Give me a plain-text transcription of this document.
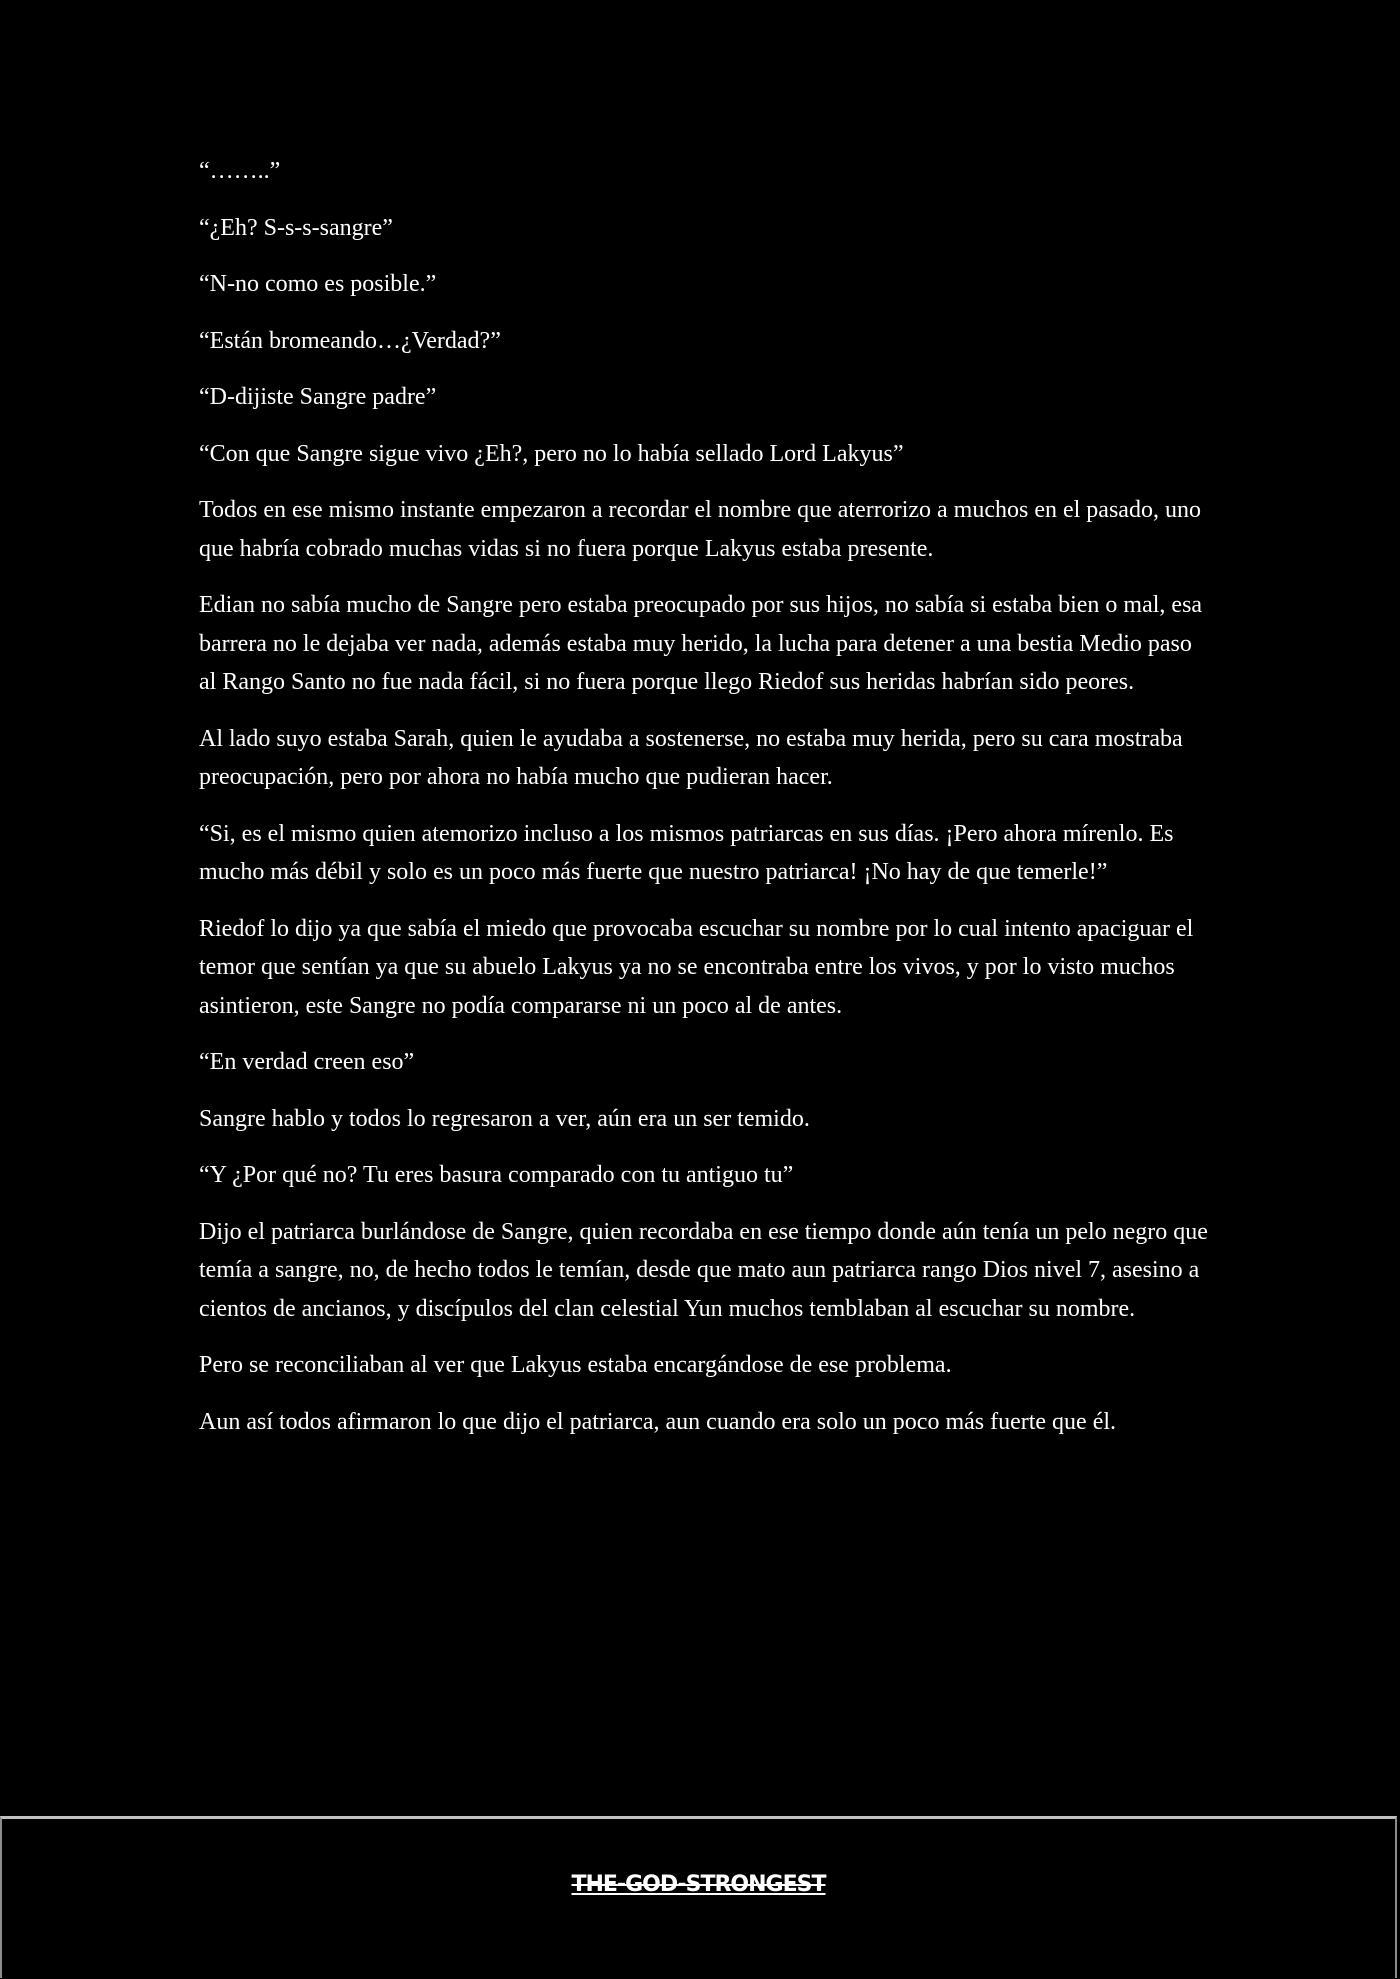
“……..”

“¿Eh? S-s-s-sangre”

“N-no como es posible.”

“Están bromeando…¿Verdad?”

“D-dijiste Sangre padre”

“Con que Sangre sigue vivo ¿Eh?, pero no lo había sellado Lord Lakyus”

Todos en ese mismo instante empezaron a recordar el nombre que aterrorizo a muchos en el pasado, uno que habría cobrado muchas vidas si no fuera porque Lakyus estaba presente.

Edian no sabía mucho de Sangre pero estaba preocupado por sus hijos, no sabía si estaba bien o mal, esa barrera no le dejaba ver nada, además estaba muy herido, la lucha para detener a una bestia Medio paso al Rango Santo no fue nada fácil, si no fuera porque llego Riedof sus heridas habrían sido peores.

Al lado suyo estaba Sarah, quien le ayudaba a sostenerse, no estaba muy herida, pero su cara mostraba preocupación, pero por ahora no había mucho que pudieran hacer.

“Si, es el mismo quien atemorizo incluso a los mismos patriarcas en sus días. ¡Pero ahora mírenlo. Es mucho más débil y solo es un poco más fuerte que nuestro patriarca! ¡No hay de que temerle!”

Riedof lo dijo ya que sabía el miedo que provocaba escuchar su nombre por lo cual intento apaciguar el temor que sentían ya que su abuelo Lakyus ya no se encontraba entre los vivos, y por lo visto muchos asintieron, este Sangre no podía compararse ni un poco al de antes.

“En verdad creen eso”

Sangre hablo y todos lo regresaron a ver, aún era un ser temido.

“Y ¿Por qué no? Tu eres basura comparado con tu antiguo tu”

Dijo el patriarca burlándose de Sangre, quien recordaba en ese tiempo donde aún tenía un pelo negro que temía a sangre, no, de hecho todos le temían, desde que mato aun patriarca rango Dios nivel 7, asesino a cientos de ancianos, y discípulos del clan celestial Yun muchos temblaban al escuchar su nombre.

Pero se reconciliaban al ver que Lakyus estaba encargándose de ese problema.

Aun así todos afirmaron lo que dijo el patriarca, aun cuando era solo un poco más fuerte que él.

THE-GOD-STRONGEST
